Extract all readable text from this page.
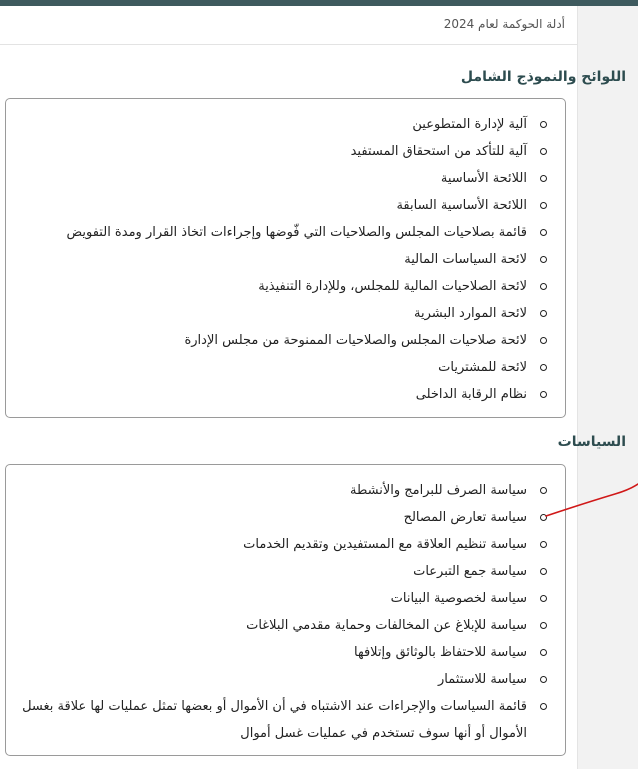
أدلة الحوكمة لعام 2024
اللوائح والنموذج الشامل
آلية لإدارة المتطوعين
آلية للتأكد من استحقاق المستفيد
اللائحة الأساسية
اللائحة الأساسية السابقة
قائمة بصلاحيات المجلس والصلاحيات التي فّوضها وإجراءات اتخاذ القرار ومدة التفويض
لائحة السياسات المالية
لائحة الصلاحيات المالية للمجلس، وللإدارة التنفيذية
لائحة الموارد البشرية
لائحة صلاحيات المجلس والصلاحيات الممنوحة من مجلس الإدارة
لائحة للمشتريات
نظام الرقابة الداخلى
السياسات
سياسة الصرف للبرامج والأنشطة
سياسة تعارض المصالح
سياسة تنظيم العلاقة مع المستفيدين وتقديم الخدمات
سياسة جمع التبرعات
سياسة لخصوصية البيانات
سياسة للإبلاغ عن المخالفات وحماية مقدمي البلاغات
سياسة للاحتفاظ بالوثائق وإتلافها
سياسة للاستثمار
قائمة السياسات والإجراءات عند الاشتباه في أن الأموال أو بعضها تمثل عمليات لها علاقة بغسل الأموال أو أنها سوف تستخدم في عمليات غسل أموال
